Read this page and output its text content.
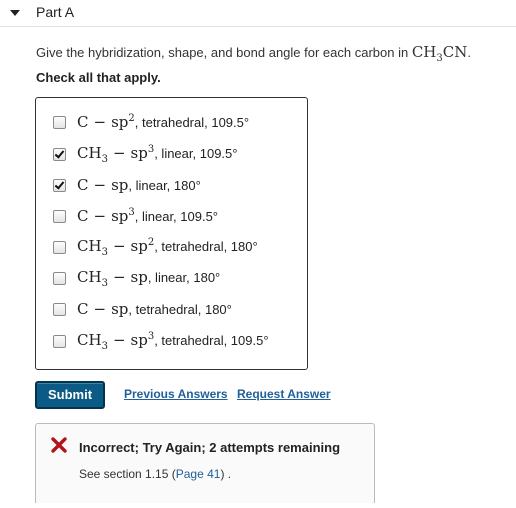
Part A
Give the hybridization, shape, and bond angle for each carbon in $CH_3CN$.
Check all that apply.
$C - sp^2$, tetrahedral, 109.5°
$CH_3 - sp^3$, linear, 109.5°
C − sp, linear, 180°
$C - sp^3$, linear, 109.5°
$CH_3 - sp^2$, tetrahedral, 180°
$CH_3$ − sp, linear, 180°
C − sp, tetrahedral, 180°
$CH_3 - sp^3$, tetrahedral, 109.5°
Submit	Previous Answers Request Answer
Incorrect; Try Again; 2 attempts remaining
See section 1.15 (Page 41) .
